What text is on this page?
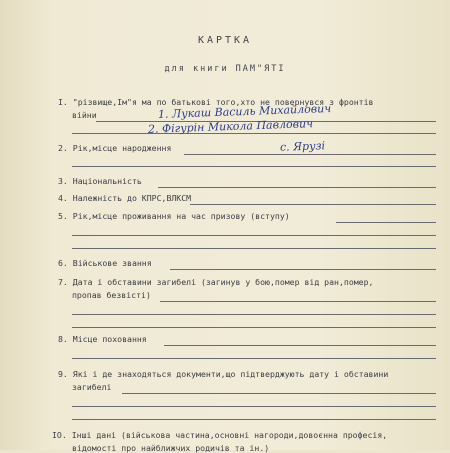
КАРТКА
для книги ПАМ"ЯТІ
І. "різвище,Ім"я ма по батькові того,хто не повернувся з фронтів
війни	1. Лукаш Василь Михайлович
2. Фігурін Микола Павлович
2. Рік,місце народження	с. Ярузі
3. Національність
4. Належність до КПРС,ВЛКСМ
5. Рік,місце проживання на час призову (вступу)
6. Військове звання
7. Дата і обставини загибелі (загинув у бою,помер від ран,помер,
пропав безвісті)
8. Місце поховання
9. Які і де знаходяться документи,що підтверджують дату і обставини
загибелі
ІО. Інші дані (військова частина,основні нагороди,довоєнна професія,
відомості про найближчих родичів та ін.)
